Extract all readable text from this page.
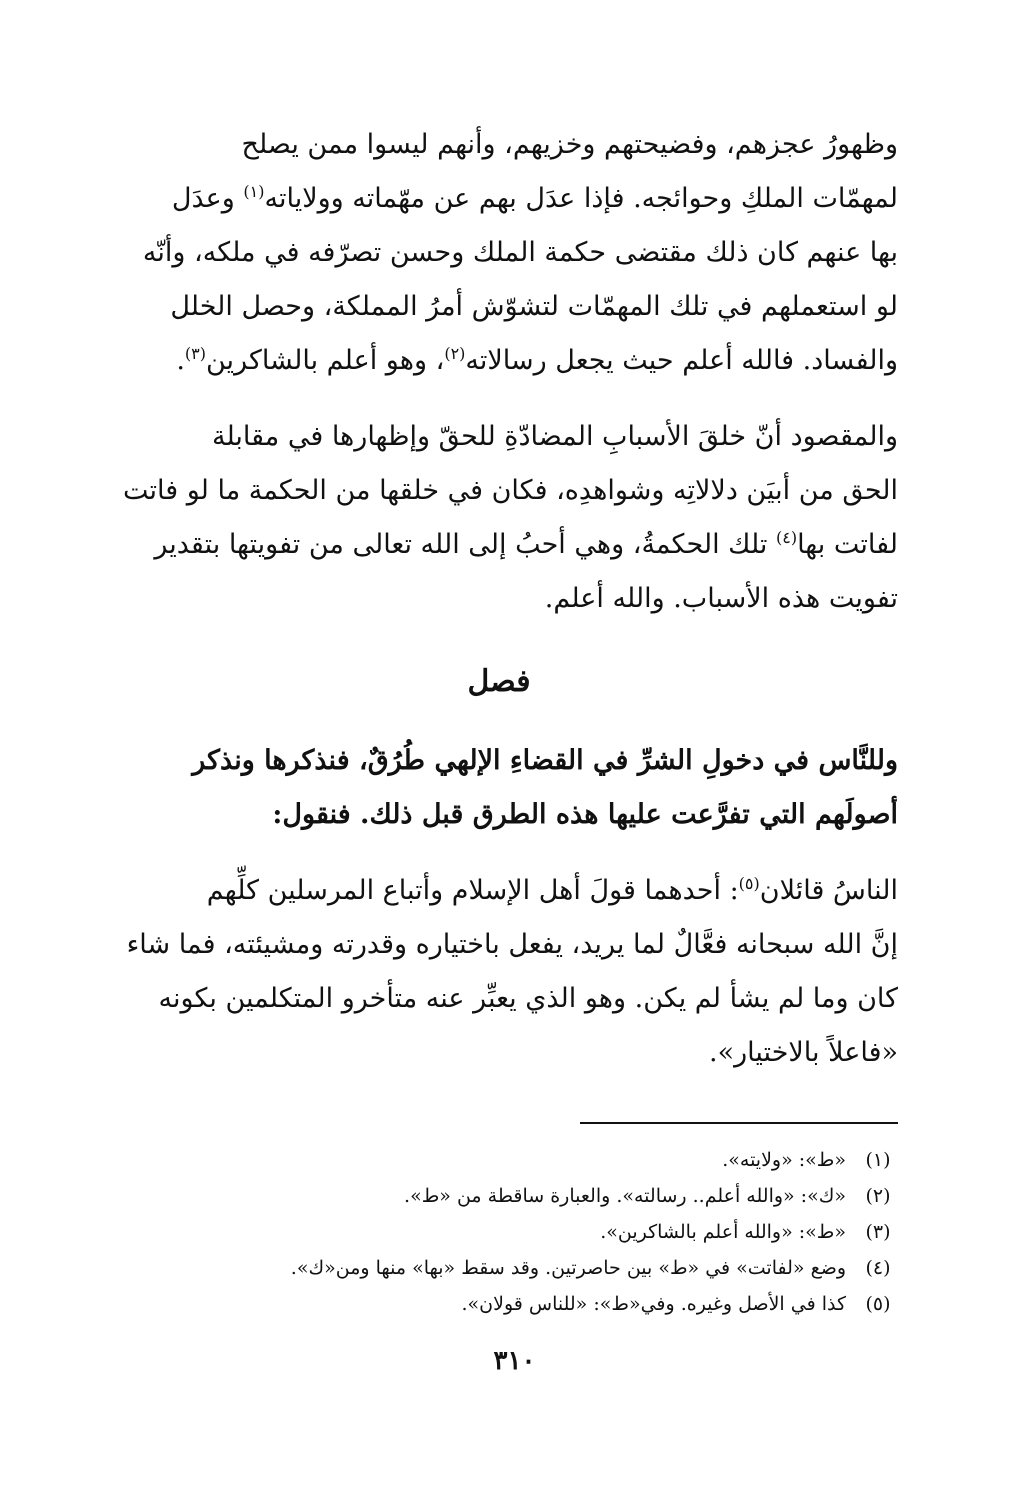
وظهورُ عجزهم، وفضيحتهم وخزيهم، وأنهم ليسوا ممن يصلح
لمهمّات الملكِ وحوائجه. فإذا عدَل بهم عن مهّماته وولاياته$^{(١)}$ وعدَل
بها عنهم كان ذلك مقتضى حكمة الملك وحسن تصرّفه في ملكه، وأنّه
لو استعملهم في تلك المهمّات لتشوّش أمرُ المملكة، وحصل الخلل
والفساد. فالله أعلم حيث يجعل رسالاته$^{(٢)}$، وهو أعلم بالشاكرين$^{(٣)}$.

والمقصود أنّ خلقَ الأسبابِ المضادّةِ للحقّ وإظهارها في مقابلة
الحق من أبيَن دلالاتِه وشواهدِه، فكان في خلقها من الحكمة ما لو فاتت
لفاتت بها$^{(٤)}$ تلك الحكمةُ، وهي أحبُ إلى الله تعالى من تفويتها بتقدير
تفويت هذه الأسباب. والله أعلم.

فصل

وللنَّاس في دخولِ الشرِّ في القضاءِ الإلهي طُرُقٌ، فنذكرها ونذكر
أصولَهم التي تفرَّعت عليها هذه الطرق قبل ذلك. فنقول:

الناسُ قائلان$^{(٥)}$: أحدهما قولَ أهل الإسلام وأتباع المرسلين كلِّهم
إنَّ الله سبحانه فعَّالٌ لما يريد، يفعل باختياره وقدرته ومشيئته، فما شاء
كان وما لم يشأ لم يكن. وهو الذي يعبِّر عنه متأخرو المتكلمين بكونه
«فاعلاً بالاختيار».

(١)
«ط»: «ولايته».
(٢)
«ك»: «والله أعلم.. رسالته». والعبارة ساقطة من «ط».
(٣)
«ط»: «والله أعلم بالشاكرين».
(٤)
وضع «لفاتت» في «ط» بين حاصرتين. وقد سقط «بها» منها ومن«ك».
(٥)
كذا في الأصل وغيره. وفي«ط»: «للناس قولان».
٣١٠
